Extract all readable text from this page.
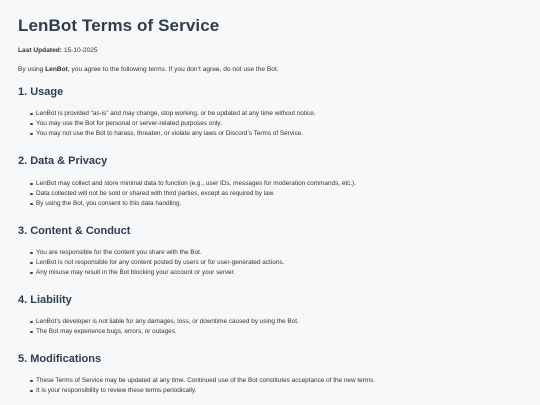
LenBot Terms of Service
Last Updated: 15-10-2025
By using LenBot, you agree to the following terms. If you don’t agree, do not use the Bot.
1. Usage
LenBot is provided “as-is” and may change, stop working, or be updated at any time without notice.
You may use the Bot for personal or server-related purposes only.
You may not use the Bot to harass, threaten, or violate any laws or Discord’s Terms of Service.
2. Data & Privacy
LenBot may collect and store minimal data to function (e.g., user IDs, messages for moderation commands, etc.).
Data collected will not be sold or shared with third parties, except as required by law.
By using the Bot, you consent to this data handling.
3. Content & Conduct
You are responsible for the content you share with the Bot.
LenBot is not responsible for any content posted by users or for user-generated actions.
Any misuse may result in the Bot blocking your account or your server.
4. Liability
LenBot’s developer is not liable for any damages, loss, or downtime caused by using the Bot.
The Bot may experience bugs, errors, or outages.
5. Modifications
These Terms of Service may be updated at any time. Continued use of the Bot constitutes acceptance of the new terms.
It is your responsibility to review these terms periodically.
